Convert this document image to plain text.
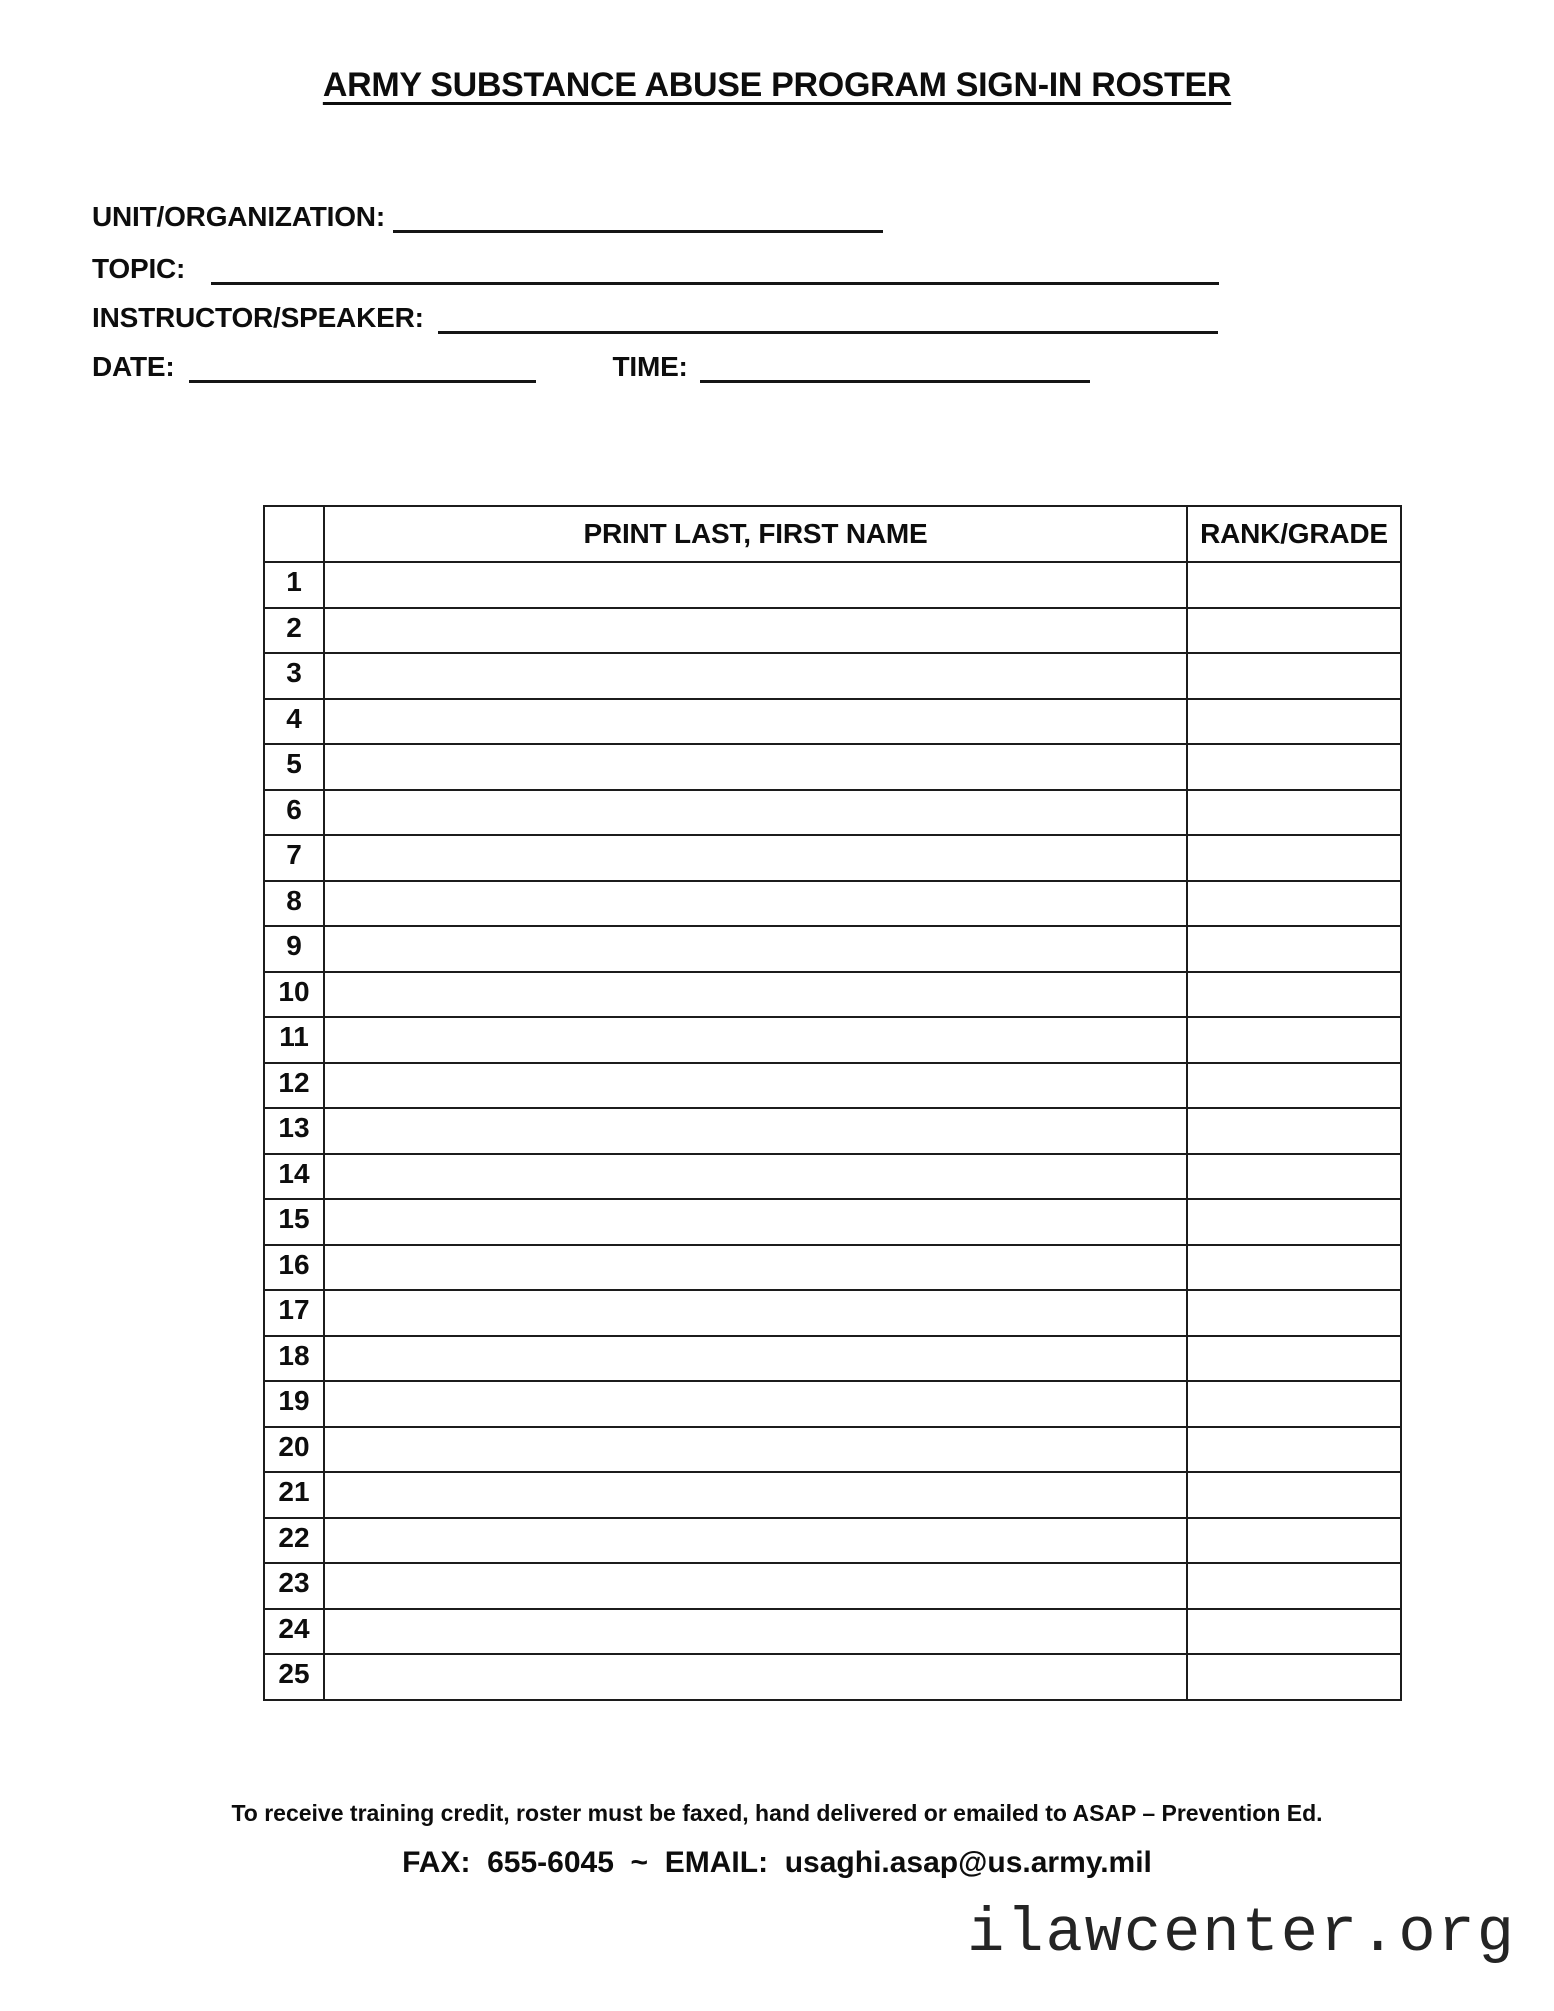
ARMY SUBSTANCE ABUSE PROGRAM SIGN-IN ROSTER
UNIT/ORGANIZATION:
TOPIC:
INSTRUCTOR/SPEAKER:
DATE:	TIME:
	PRINT LAST, FIRST NAME	RANK/GRADE
1		
2		
3		
4		
5		
6		
7		
8		
9		
10		
11		
12		
13		
14		
15		
16		
17		
18		
19		
20		
21		
22		
23		
24		
25		
To receive training credit, roster must be faxed, hand delivered or emailed to ASAP – Prevention Ed.
FAX:  655-6045  ~  EMAIL:  usaghi.asap@us.army.mil
ilawcenter.org
